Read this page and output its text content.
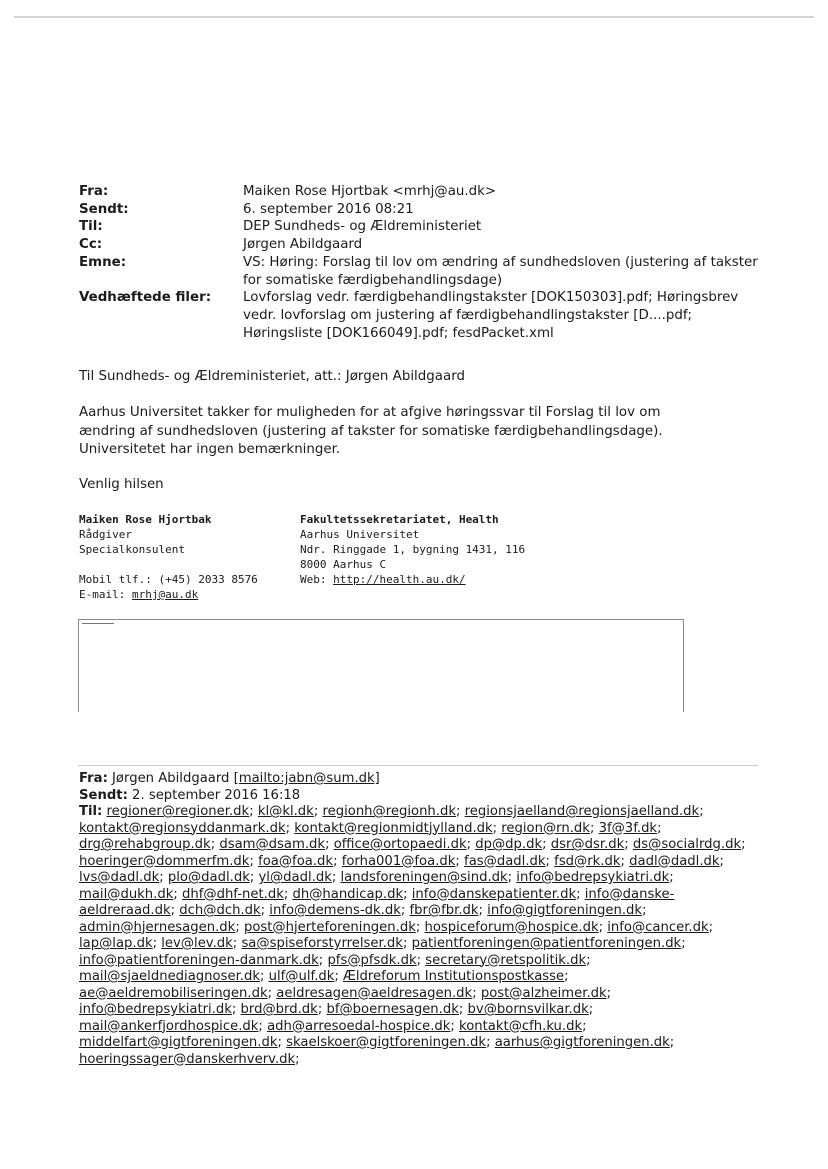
Fra:	Maiken Rose Hjortbak <mrhj@au.dk>
Sendt:	6. september 2016 08:21
Til:	DEP Sundheds- og Ældreministeriet
Cc:	Jørgen Abildgaard
Emne:	VS: Høring: Forslag til lov om ændring af sundhedsloven (justering af takster for somatiske færdigbehandlingsdage)
Vedhæftede filer:	Lovforslag vedr. færdigbehandlingstakster [DOK150303].pdf; Høringsbrev vedr. lovforslag om justering af færdigbehandlingstakster [D....pdf; Høringsliste [DOK166049].pdf; fesdPacket.xml
Til Sundheds- og Ældreministeriet, att.: Jørgen Abildgaard
Aarhus Universitet takker for muligheden for at afgive høringssvar til Forslag til lov om ændring af sundhedsloven (justering af takster for somatiske færdigbehandlingsdage). Universitetet har ingen bemærkninger.
Venlig hilsen
Maiken Rose Hjortbak
Rådgiver
Specialkonsulent

Mobil tlf.: (+45) 2033 8576
E-mail: mrhj@au.dk
Fakultetssekretariatet, Health
Aarhus Universitet
Ndr. Ringgade 1, bygning 1431, 116
8000 Aarhus C
Web: http://health.au.dk/
Fra: Jørgen Abildgaard [mailto:jabn@sum.dk]
Sendt: 2. september 2016 16:18
Til: regioner@regioner.dk; kl@kl.dk; regionh@regionh.dk; regionsjaelland@regionsjaelland.dk; kontakt@regionsyddanmark.dk; kontakt@regionmidtjylland.dk; region@rn.dk; 3f@3f.dk; drg@rehabgroup.dk; dsam@dsam.dk; office@ortopaedi.dk; dp@dp.dk; dsr@dsr.dk; ds@socialrdg.dk; hoeringer@dommerfm.dk; foa@foa.dk; forha001@foa.dk; fas@dadl.dk; fsd@rk.dk; dadl@dadl.dk; lvs@dadl.dk; plo@dadl.dk; yl@dadl.dk; landsforeningen@sind.dk; info@bedrepsykiatri.dk; mail@dukh.dk; dhf@dhf-net.dk; dh@handicap.dk; info@danskepatienter.dk; info@danske-aeldreraad.dk; dch@dch.dk; info@demens-dk.dk; fbr@fbr.dk; info@gigtforeningen.dk; admin@hjernesagen.dk; post@hjerteforeningen.dk; hospiceforum@hospice.dk; info@cancer.dk; lap@lap.dk; lev@lev.dk; sa@spiseforstyrrelser.dk; patientforeningen@patientforeningen.dk; info@patientforeningen-danmark.dk; pfs@pfsdk.dk; secretary@retspolitik.dk; mail@sjaeldnediagnoser.dk; ulf@ulf.dk; Ældreforum Institutionspostkasse; ae@aeldremobiliseringen.dk; aeldresagen@aeldresagen.dk; post@alzheimer.dk; info@bedrepsykiatri.dk; brd@brd.dk; bf@boernesagen.dk; bv@bornsvilkar.dk; mail@ankerfjordhospice.dk; adh@arresoedal-hospice.dk; kontakt@cfh.ku.dk; middelfart@gigtforeningen.dk; skaelskoer@gigtforeningen.dk; aarhus@gigtforeningen.dk; hoeringssager@danskerhverv.dk;
